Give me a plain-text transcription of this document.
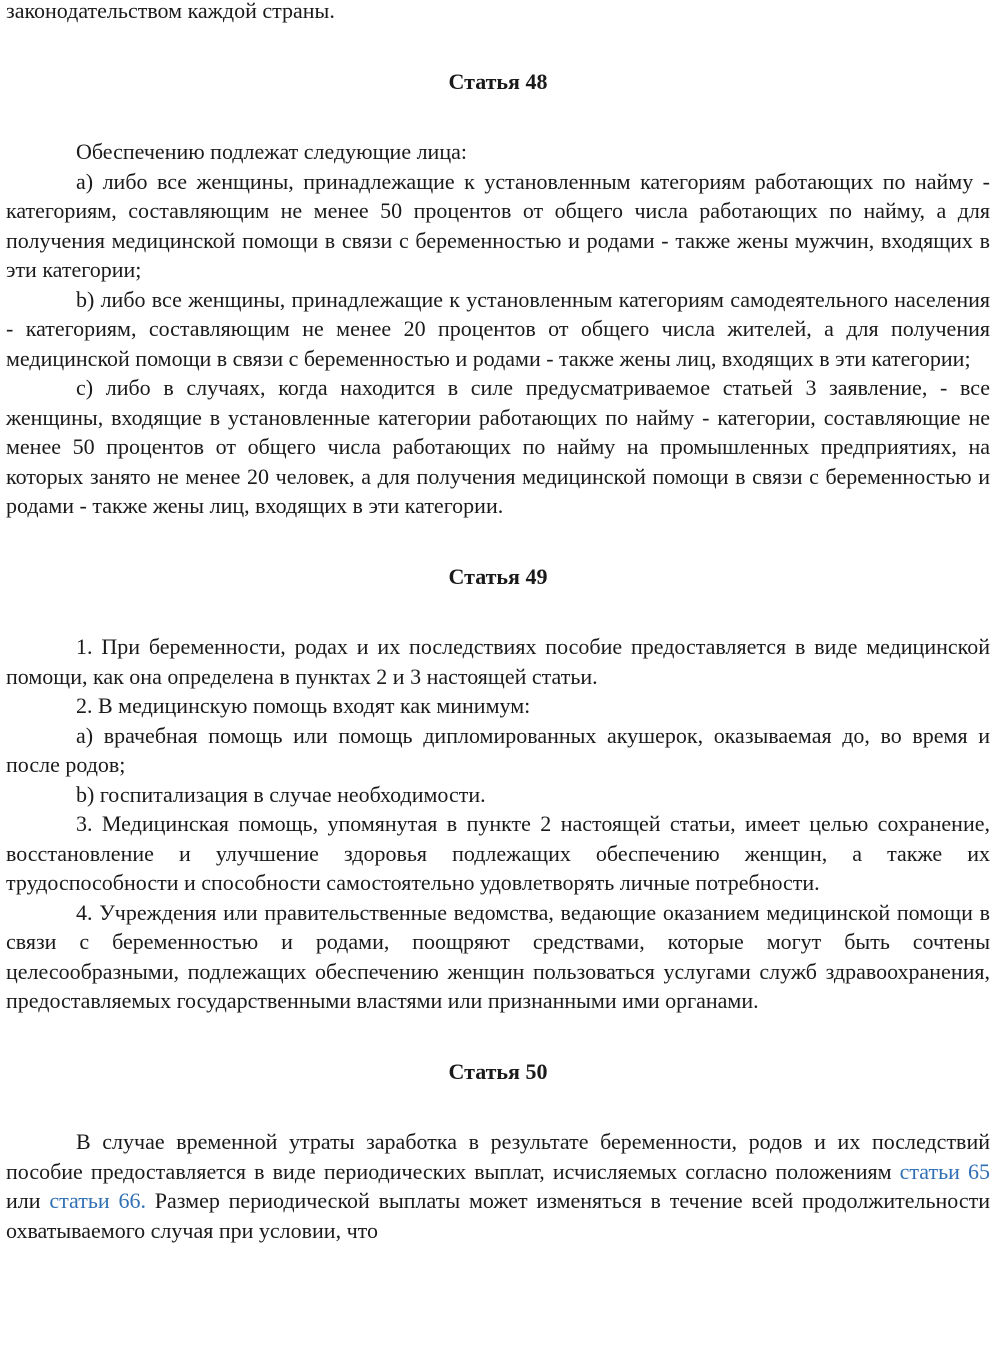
законодательством каждой страны.

Статья 48

Обеспечению подлежат следующие лица:

а) либо все женщины, принадлежащие к установленным категориям работающих по найму - категориям, составляющим не менее 50 процентов от общего числа работающих по найму, а для получения медицинской помощи в связи с беременностью и родами - также жены мужчин, входящих в эти категории;

b) либо все женщины, принадлежащие к установленным категориям самодеятельного населения - категориям, составляющим не менее 20 процентов от общего числа жителей, а для получения медицинской помощи в связи с беременностью и родами - также жены лиц, входящих в эти категории;

c) либо в случаях, когда находится в силе предусматриваемое статьей 3 заявление, - все женщины, входящие в установленные категории работающих по найму - категории, составляющие не менее 50 процентов от общего числа работающих по найму на промышленных предприятиях, на которых занято не менее 20 человек, а для получения медицинской помощи в связи с беременностью и родами - также жены лиц, входящих в эти категории.

Статья 49

1. При беременности, родах и их последствиях пособие предоставляется в виде медицинской помощи, как она определена в пунктах 2 и 3 настоящей статьи.

2. В медицинскую помощь входят как минимум:

а) врачебная помощь или помощь дипломированных акушерок, оказываемая до, во время и после родов;

b) госпитализация в случае необходимости.

3. Медицинская помощь, упомянутая в пункте 2 настоящей статьи, имеет целью сохранение, восстановление и улучшение здоровья подлежащих обеспечению женщин, а также их трудоспособности и способности самостоятельно удовлетворять личные потребности.

4. Учреждения или правительственные ведомства, ведающие оказанием медицинской помощи в связи с беременностью и родами, поощряют средствами, которые могут быть сочтены целесообразными, подлежащих обеспечению женщин пользоваться услугами служб здравоохранения, предоставляемых государственными властями или признанными ими органами.

Статья 50

В случае временной утраты заработка в результате беременности, родов и их последствий пособие предоставляется в виде периодических выплат, исчисляемых согласно положениям статьи 65 или статьи 66. Размер периодической выплаты может изменяться в течение всей продолжительности охватываемого случая при условии, что
